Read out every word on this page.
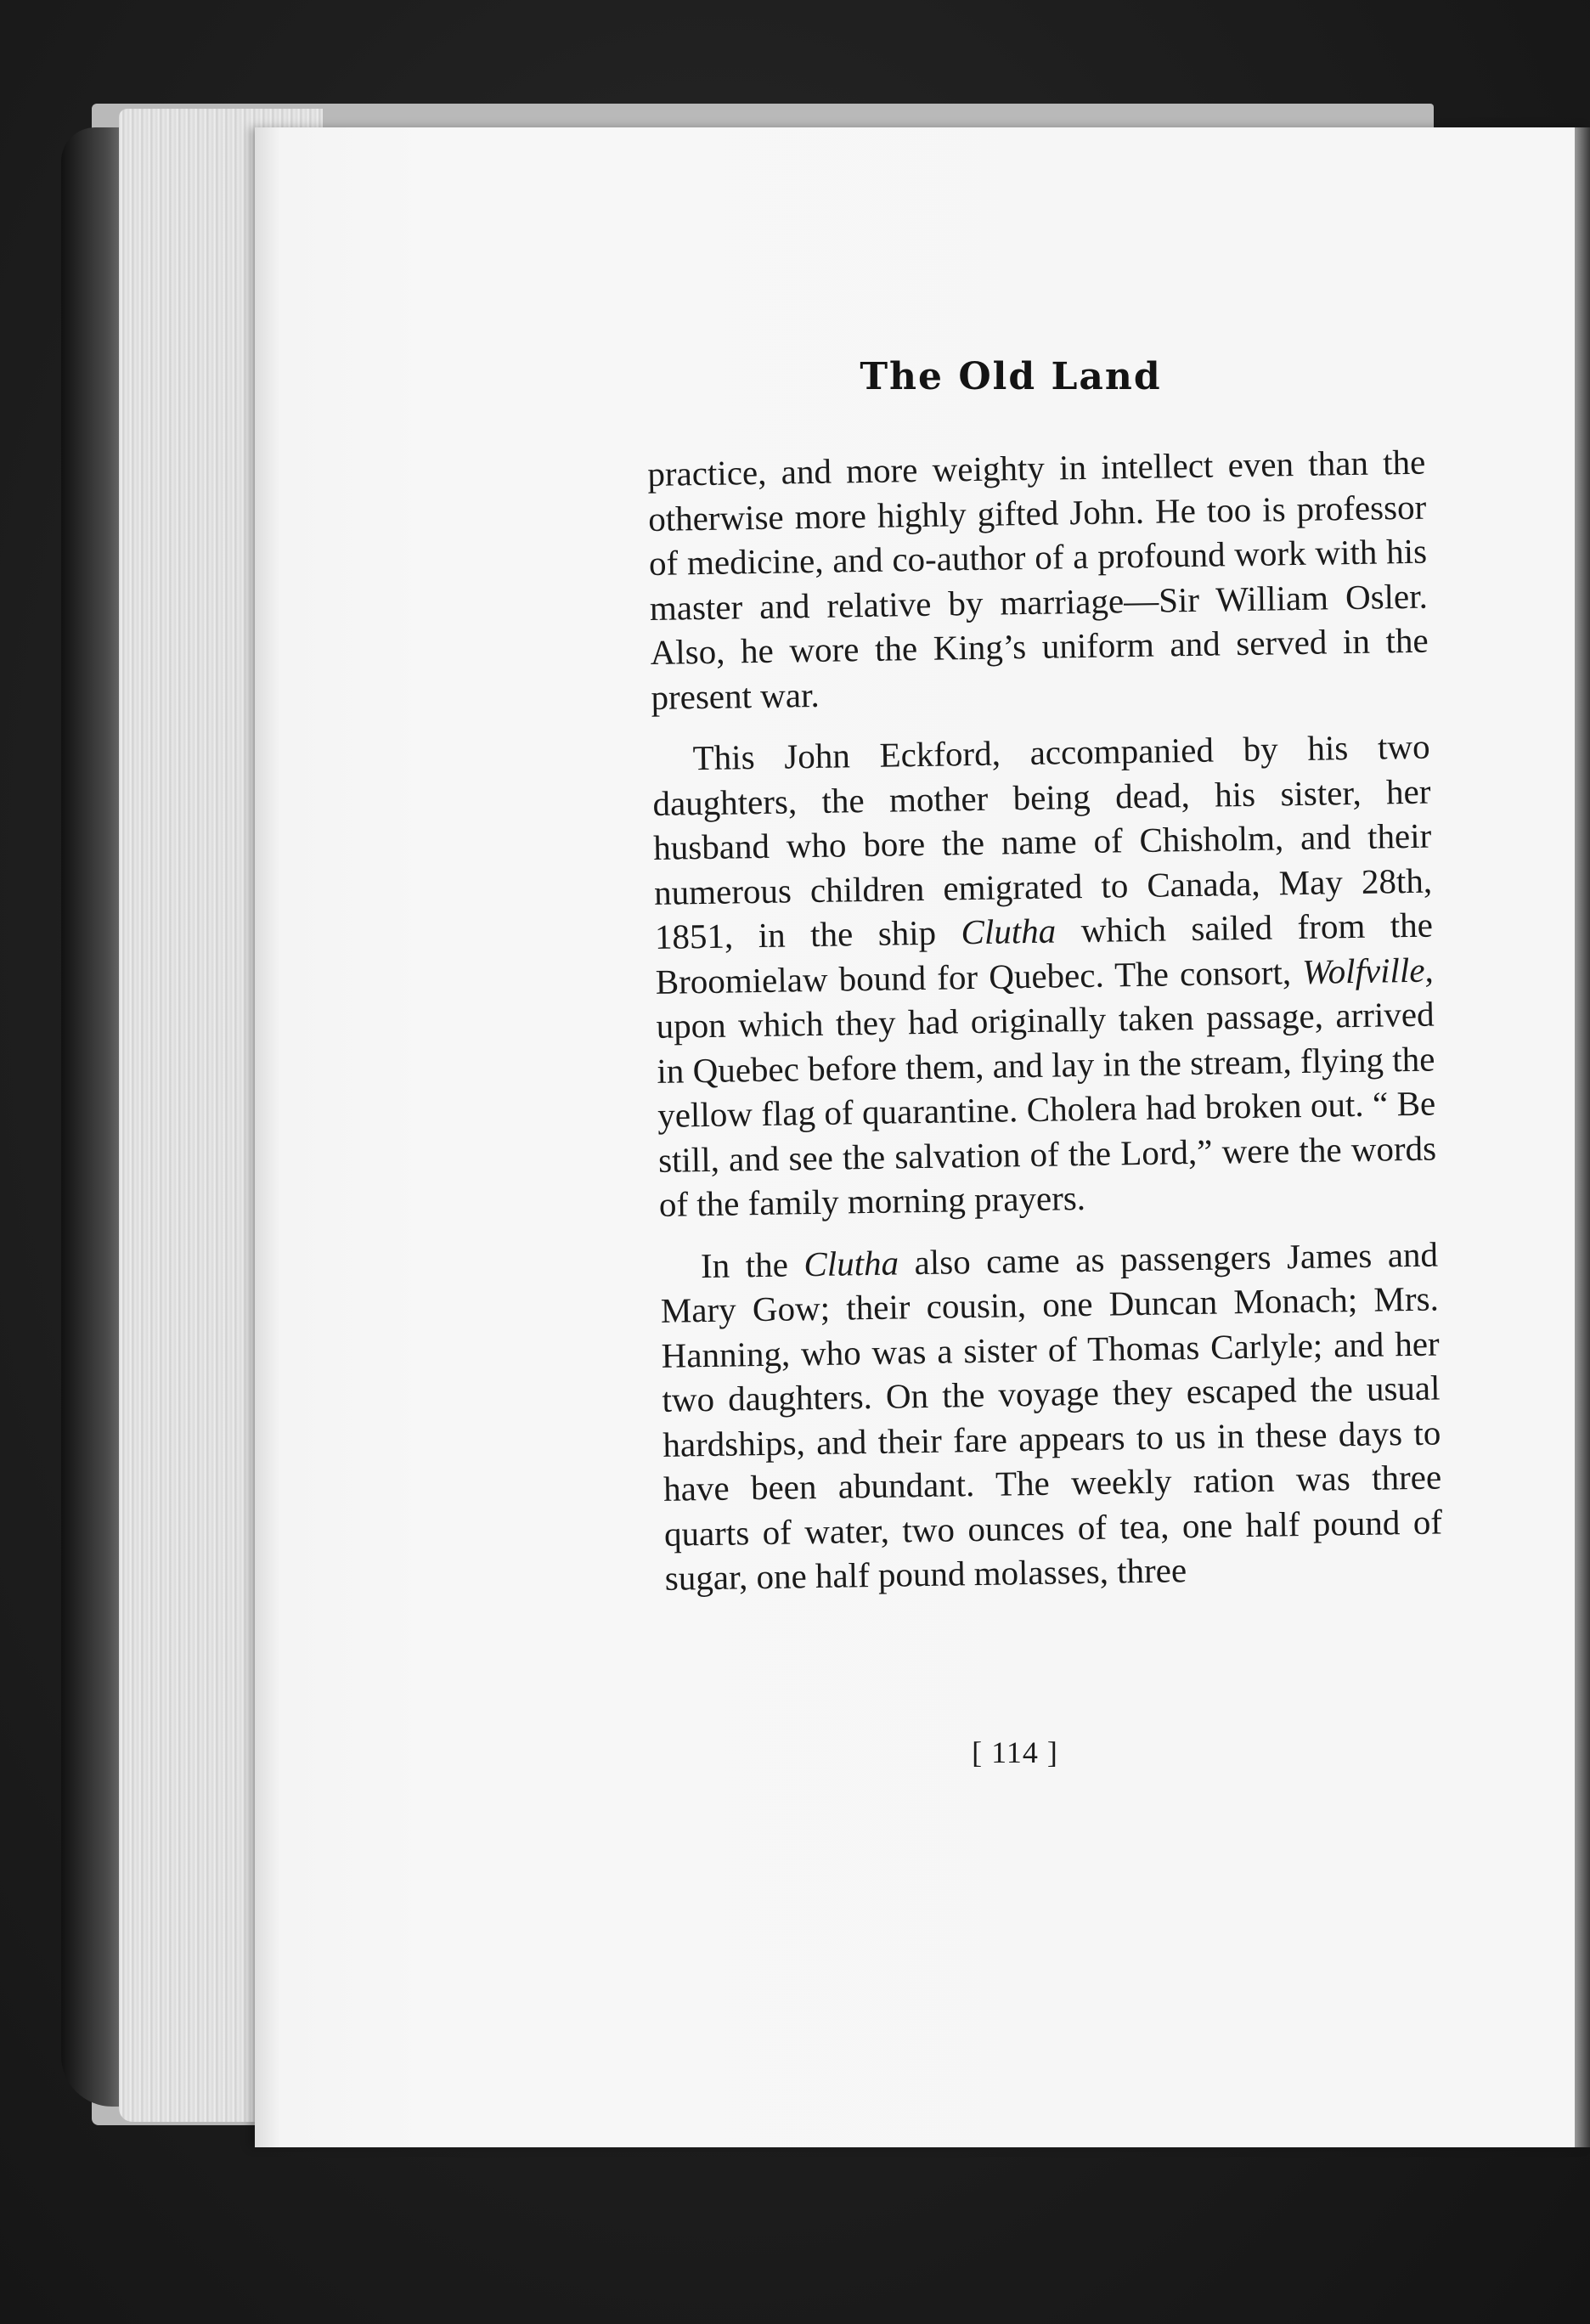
The Old Land

practice, and more weighty in intellect even than the otherwise more highly gifted John. He too is professor of medicine, and co-author of a profound work with his master and relative by marriage—Sir William Osler. Also, he wore the King’s uniform and served in the present war.

This John Eckford, accompanied by his two daughters, the mother being dead, his sister, her husband who bore the name of Chisholm, and their numerous children emigrated to Canada, May 28th, 1851, in the ship Clutha which sailed from the Broomielaw bound for Quebec. The consort, Wolfville, upon which they had originally taken passage, arrived in Quebec before them, and lay in the stream, flying the yellow flag of quarantine. Cholera had broken out. “ Be still, and see the salvation of the Lord,” were the words of the family morning prayers.

In the Clutha also came as passengers James and Mary Gow; their cousin, one Duncan Monach; Mrs. Hanning, who was a sister of Thomas Carlyle; and her two daughters. On the voyage they escaped the usual hardships, and their fare appears to us in these days to have been abundant. The weekly ration was three quarts of water, two ounces of tea, one half pound of sugar, one half pound molasses, three

[ 114 ]
